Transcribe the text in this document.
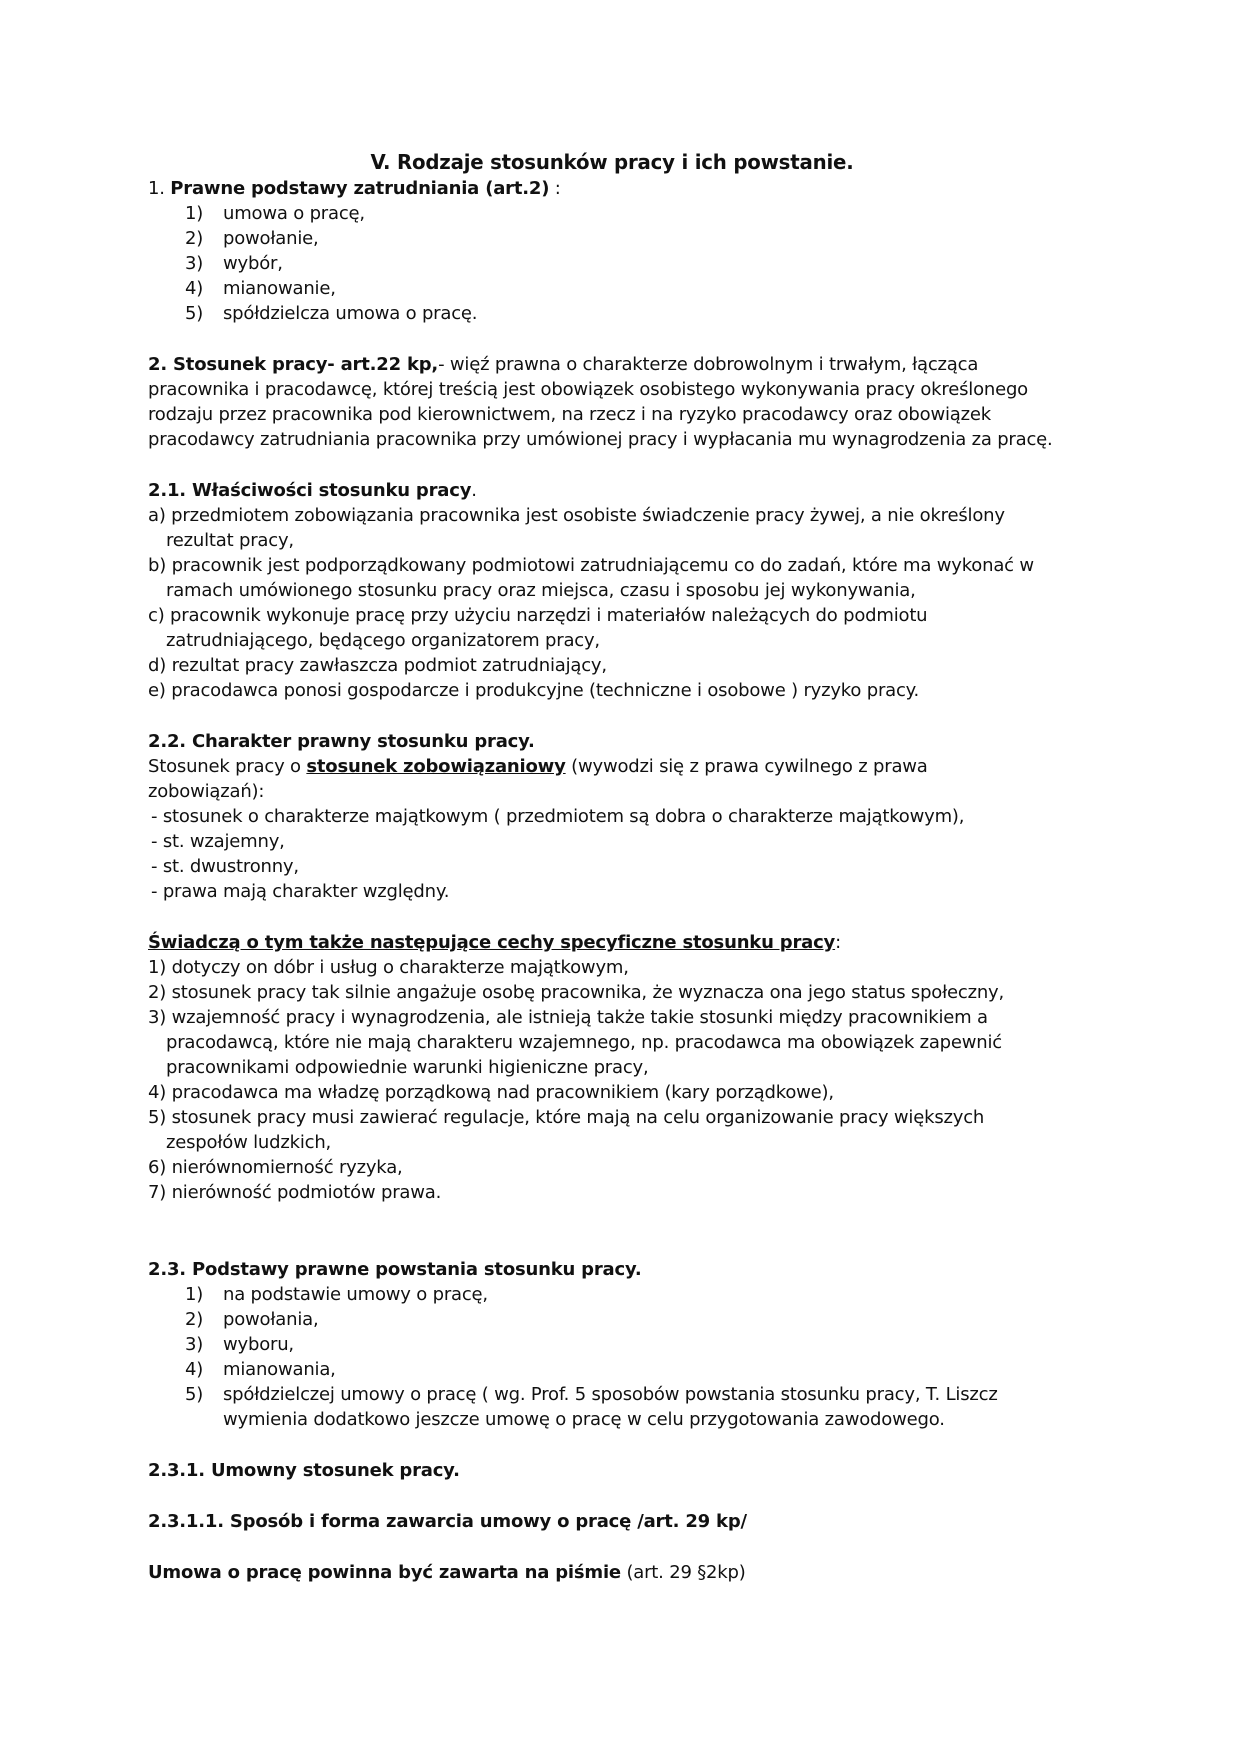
V. Rodzaje stosunków pracy i ich powstanie.
1. Prawne podstawy zatrudniania (art.2) :
1) umowa o pracę,
2) powołanie,
3) wybór,
4) mianowanie,
5) spółdzielcza umowa o pracę.
2. Stosunek pracy- art.22 kp,- więź prawna o charakterze dobrowolnym i trwałym, łącząca
pracownika i pracodawcę, której treścią jest obowiązek osobistego wykonywania pracy określonego
rodzaju przez pracownika pod kierownictwem, na rzecz i na ryzyko pracodawcy oraz obowiązek
pracodawcy zatrudniania pracownika przy umówionej pracy i wypłacania mu wynagrodzenia za pracę.
2.1. Właściwości stosunku pracy.
a) przedmiotem zobowiązania pracownika jest osobiste świadczenie pracy żywej, a nie określony
rezultat pracy,
b) pracownik jest podporządkowany podmiotowi zatrudniającemu co do zadań, które ma wykonać w
ramach umówionego stosunku pracy oraz miejsca, czasu i sposobu jej wykonywania,
c) pracownik wykonuje pracę przy użyciu narzędzi i materiałów należących do podmiotu
zatrudniającego, będącego organizatorem pracy,
d) rezultat pracy zawłaszcza podmiot zatrudniający,
e) pracodawca ponosi gospodarcze i produkcyjne (techniczne i osobowe ) ryzyko pracy.
2.2. Charakter prawny stosunku pracy.
Stosunek pracy o stosunek zobowiązaniowy (wywodzi się z prawa cywilnego z prawa
zobowiązań):
- stosunek o charakterze majątkowym ( przedmiotem są dobra o charakterze majątkowym),
- st. wzajemny,
- st. dwustronny,
- prawa mają charakter względny.
Świadczą o tym także następujące cechy specyficzne stosunku pracy:
1) dotyczy on dóbr i usług o charakterze majątkowym,
2) stosunek pracy tak silnie angażuje osobę pracownika, że wyznacza ona jego status społeczny,
3) wzajemność pracy i wynagrodzenia, ale istnieją także takie stosunki między pracownikiem a
pracodawcą, które nie mają charakteru wzajemnego, np. pracodawca ma obowiązek zapewnić
pracownikami odpowiednie warunki higieniczne pracy,
4) pracodawca ma władzę porządkową nad pracownikiem (kary porządkowe),
5) stosunek pracy musi zawierać regulacje, które mają na celu organizowanie pracy większych
zespołów ludzkich,
6) nierównomierność ryzyka,
7) nierówność podmiotów prawa.
2.3. Podstawy prawne powstania stosunku pracy.
1) na podstawie umowy o pracę,
2) powołania,
3) wyboru,
4) mianowania,
5) spółdzielczej umowy o pracę ( wg. Prof. 5 sposobów powstania stosunku pracy, T. Liszcz
wymienia dodatkowo jeszcze umowę o pracę w celu przygotowania zawodowego.
2.3.1. Umowny stosunek pracy.
2.3.1.1. Sposób i forma zawarcia umowy o pracę /art. 29 kp/
Umowa o pracę powinna być zawarta na piśmie (art. 29 §2kp)
